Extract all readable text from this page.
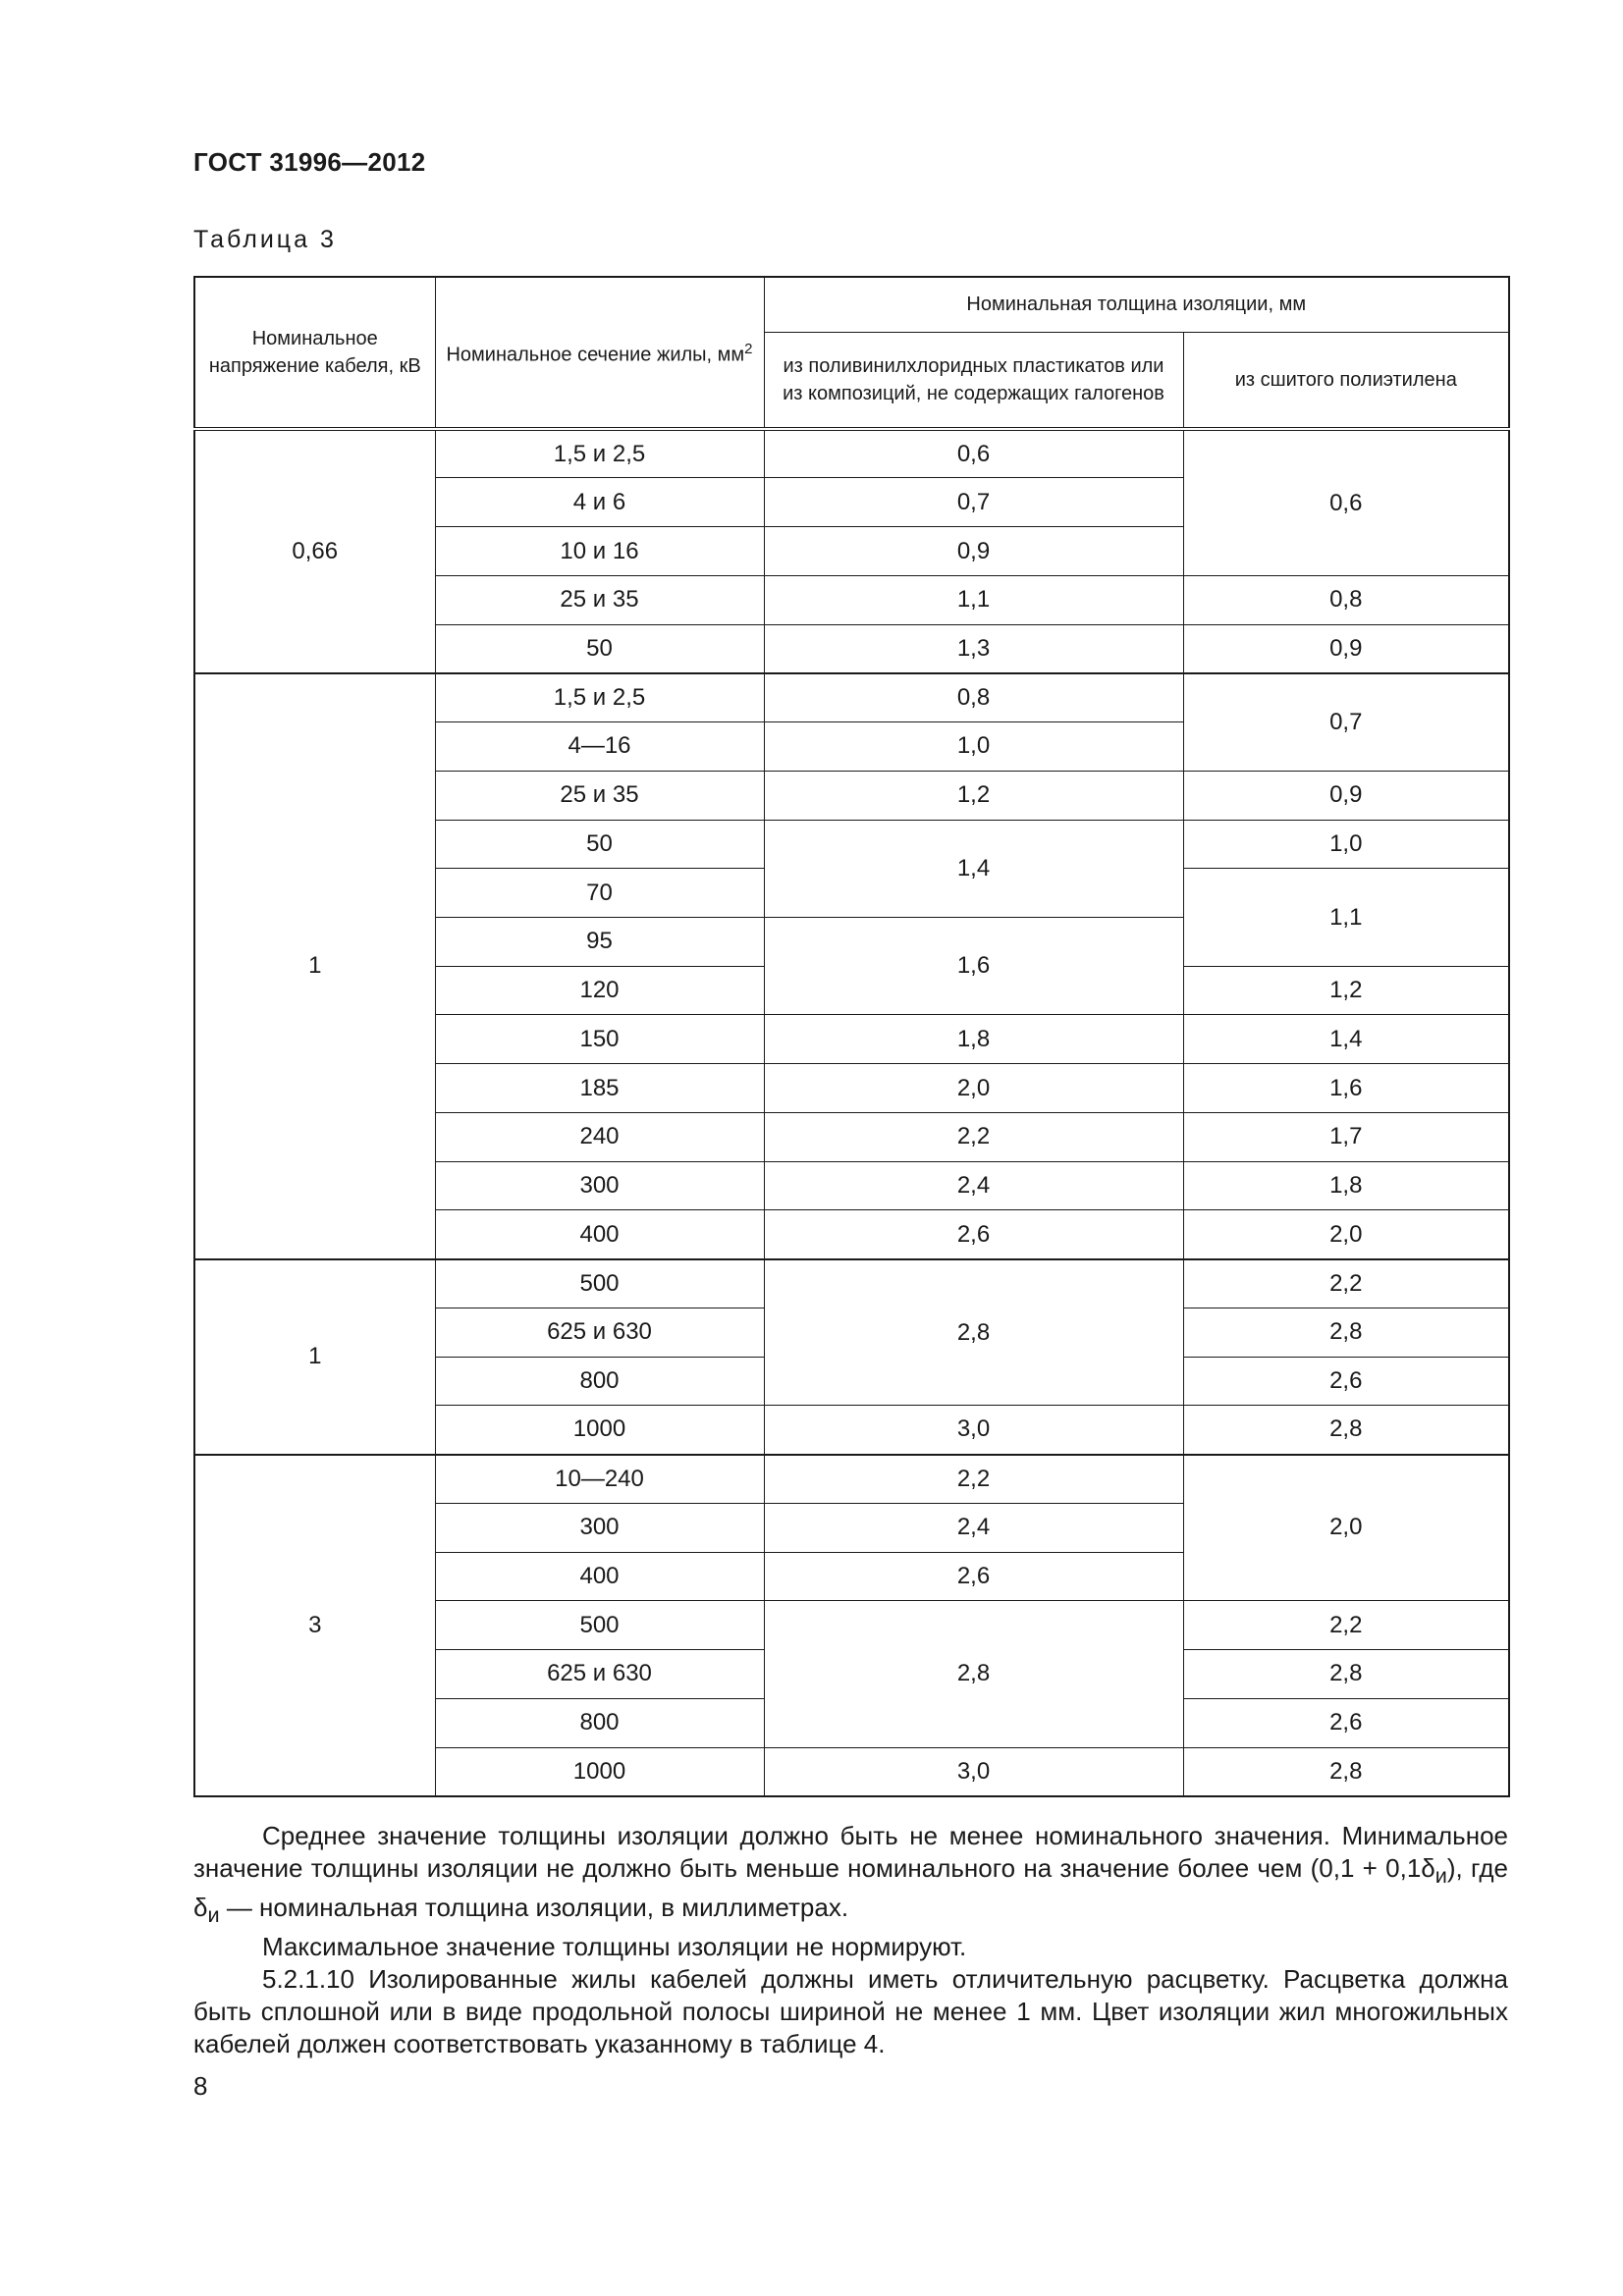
ГОСТ 31996—2012
Таблица 3
Номинальное напряжение кабеля, кВ	Номинальное сечение жилы, $мм^2$	Номинальная толщина изоляции, мм	
		из поливинилхлоридных пластикатов или из композиций, не содержащих галогенов	из сшитого полиэтилена
0,66	1,5 и 2,5	0,6	0,6
	4 и 6	0,7	
	10 и 16	0,9	
	25 и 35	1,1	0,8
	50	1,3	0,9
1	1,5 и 2,5	0,8	0,7
	4—16	1,0	
	25 и 35	1,2	0,9
	50	1,4	1,0
	70		1,1
	95	1,6	
	120		1,2
	150	1,8	1,4
	185	2,0	1,6
	240	2,2	1,7
	300	2,4	1,8
	400	2,6	2,0
1	500	2,8	2,2
	625 и 630		2,8
	800		2,6
	1000	3,0	2,8
3	10—240	2,2	2,0
	300	2,4	
	400	2,6	
	500	2,8	2,2
	625 и 630		2,8
	800		2,6
	1000	3,0	2,8

Среднее значение толщины изоляции должно быть не менее номинального значения. Минимальное значение толщины изоляции не должно быть меньше номинального на значение более чем $(0,1 + 0,1\delta_и)$, где $\delta_и$ — номинальная толщина изоляции, в миллиметрах.

Максимальное значение толщины изоляции не нормируют.

5.2.1.10 Изолированные жилы кабелей должны иметь отличительную расцветку. Расцветка должна быть сплошной или в виде продольной полосы шириной не менее 1 мм. Цвет изоляции жил многожильных кабелей должен соответствовать указанному в таблице 4.

8
